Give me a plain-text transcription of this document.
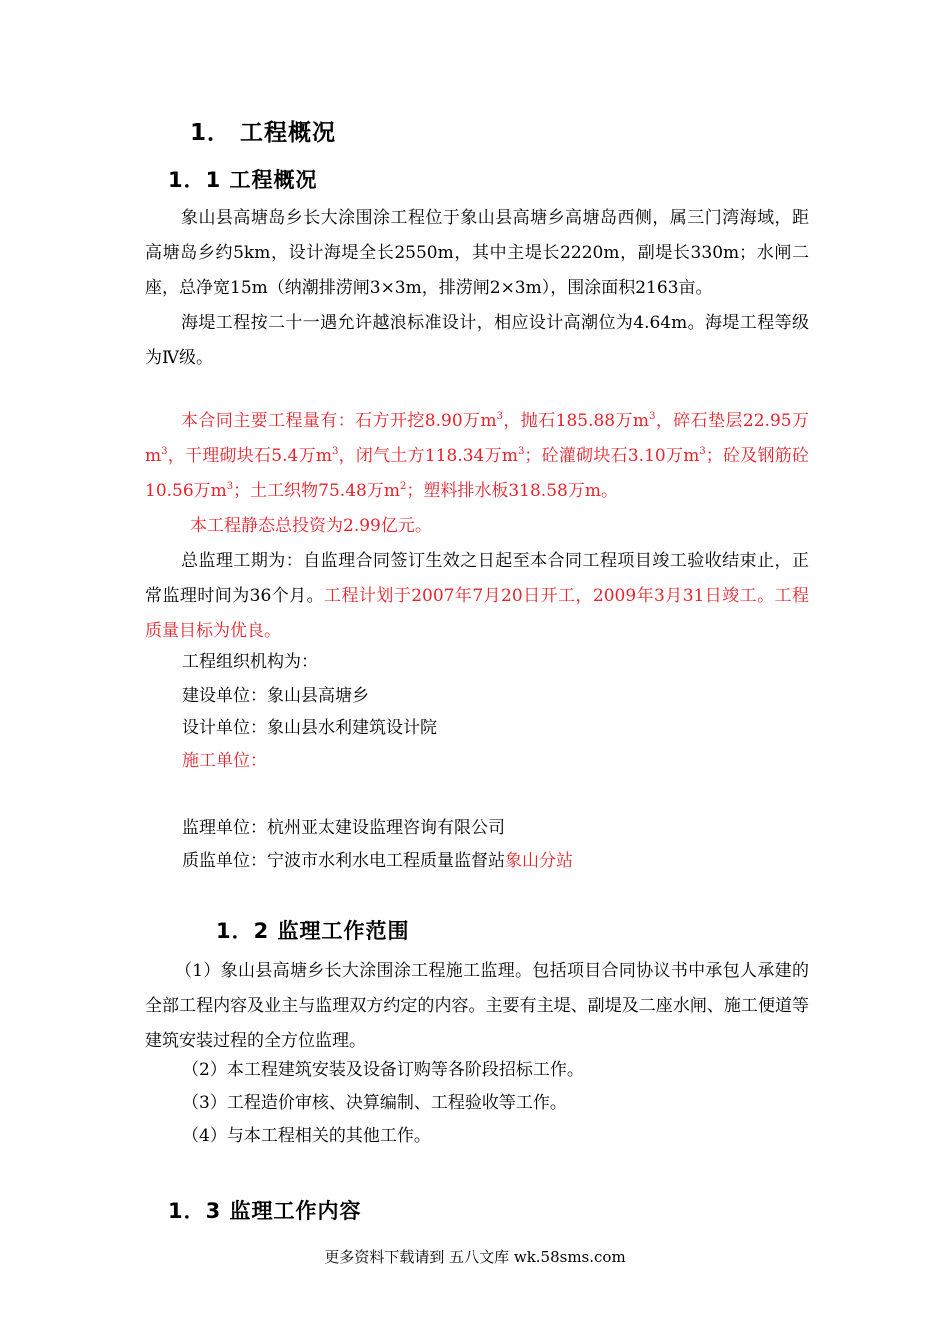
1． 工程概况
1．1 工程概况
象山县高塘岛乡长大涂围涂工程位于象山县高塘乡高塘岛西侧，属三门湾海域，距高塘岛乡约5km，设计海堤全长2550m，其中主堤长2220m，副堤长330m；水闸二座，总净宽15m（纳潮排涝闸3×3m，排涝闸2×3m），围涂面积2163亩。
海堤工程按二十一遇允许越浪标准设计，相应设计高潮位为4.64m。海堤工程等级为Ⅳ级。
本合同主要工程量有：石方开挖8.90万$m^3$，抛石185.88万$m^3$，碎石垫层22.95万$m^3$，干理砌块石5.4万$m^3$，闭气土方118.34万$m^3$；砼灌砌块石3.10万$m^3$；砼及钢筋砼10.56万$m^3$；土工织物75.48万$m^2$；塑料排水板318.58万m。
本工程静态总投资为2.99亿元。
总监理工期为：自监理合同签订生效之日起至本合同工程项目竣工验收结束止，正常监理时间为36个月。工程计划于2007年7月20日开工，2009年3月31日竣工。工程质量目标为优良。
工程组织机构为：
建设单位：象山县高塘乡
设计单位：象山县水利建筑设计院
施工单位：
监理单位：杭州亚太建设监理咨询有限公司
质监单位：宁波市水利水电工程质量监督站象山分站
1．2 监理工作范围
（1）象山县高塘乡长大涂围涂工程施工监理。包括项目合同协议书中承包人承建的全部工程内容及业主与监理双方约定的内容。主要有主堤、副堤及二座水闸、施工便道等建筑安装过程的全方位监理。
（2）本工程建筑安装及设备订购等各阶段招标工作。
（3）工程造价审核、决算编制、工程验收等工作。
（4）与本工程相关的其他工作。
1．3 监理工作内容
更多资料下载请到 五八文库 wk.58sms.com
